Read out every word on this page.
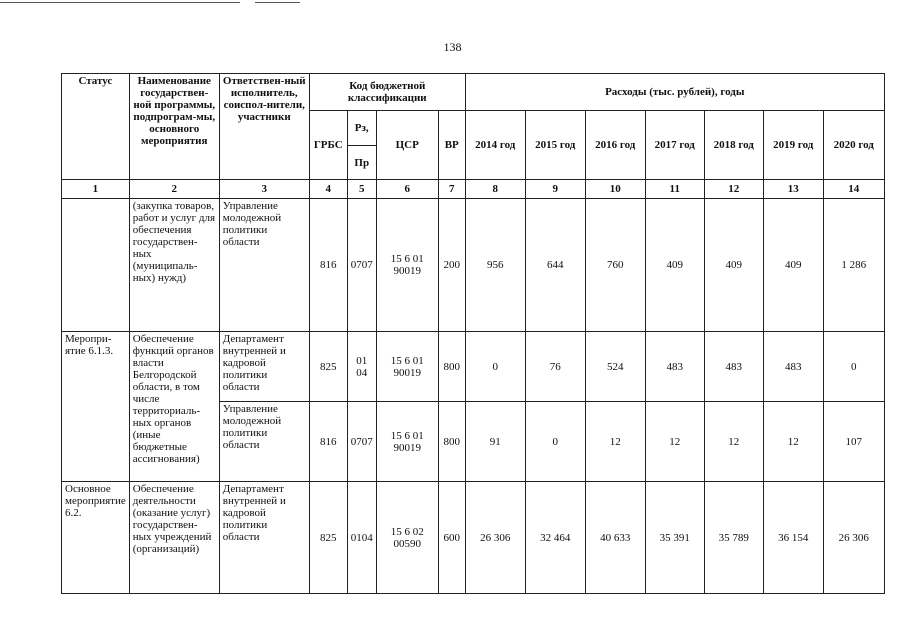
138
Статус	Наименование государствен-ной программы, подпрограм-мы, основного мероприятия	Ответствен-ный исполнитель, соиспол-нители, участники	Код бюджетной классификации				Расходы (тыс. рублей), годы						
			ГРБС	Рз,	ЦСР	ВР	2014 год	2015 год	2016 год	2017 год	2018 год	2019 год	2020 год
				Пр									
1	2	3	4	5	6	7	8	9	10	11	12	13	14
	(закупка товаров, работ и услуг для обеспечения государствен-ных (муниципаль-ных) нужд)	Управление молодежной политики области	816	0707	15 6 01 90019	200	956	644	760	409	409	409	1 286
Меропри-ятие 6.1.3.	Обеспечение функций органов власти Белгородской области, в том числе территориаль-ных органов (иные бюджетные ассигнования)	Департамент внутренней и кадровой политики области	825	01 04	15 6 01 90019	800	0	76	524	483	483	483	0
		Управление молодежной политики области	816	0707	15 6 01 90019	800	91	0	12	12	12	12	107
Основное мероприятие 6.2.	Обеспечение деятельности (оказание услуг) государствен-ных учреждений (организаций)	Департамент внутренней и кадровой политики области	825	0104	15 6 02 00590	600	26 306	32 464	40 633	35 391	35 789	36 154	26 306
